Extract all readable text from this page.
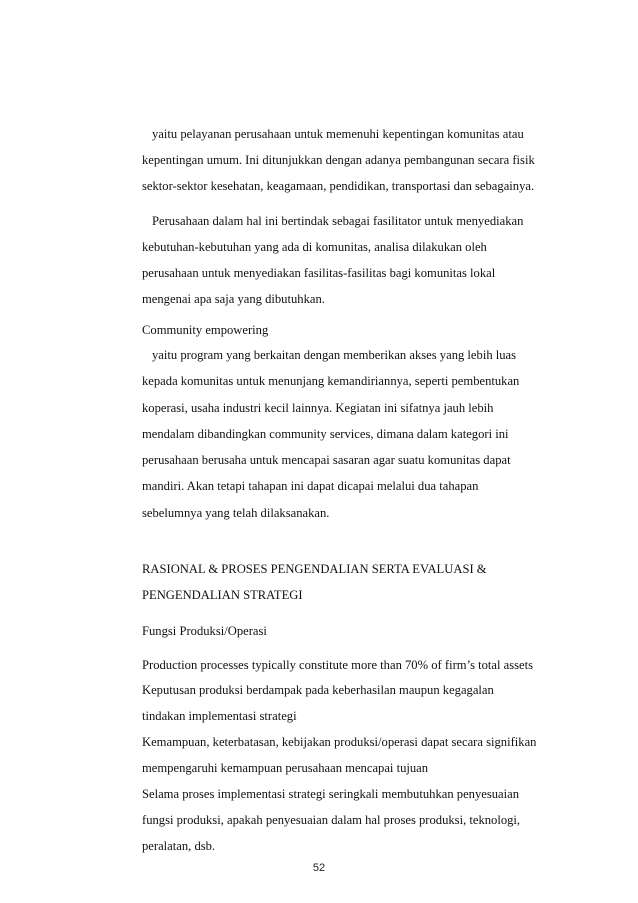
yaitu pelayanan perusahaan untuk memenuhi kepentingan komunitas atau
kepentingan umum. Ini ditunjukkan dengan adanya pembangunan secara fisik
sektor-sektor kesehatan, keagamaan, pendidikan, transportasi dan sebagainya.
Perusahaan dalam hal ini bertindak sebagai fasilitator untuk menyediakan
kebutuhan-kebutuhan yang ada di komunitas, analisa dilakukan oleh
perusahaan untuk menyediakan fasilitas-fasilitas bagi komunitas lokal
mengenai apa saja yang dibutuhkan.
Community empowering
yaitu program yang berkaitan dengan memberikan akses yang lebih luas
kepada komunitas untuk menunjang kemandiriannya, seperti pembentukan
koperasi, usaha industri kecil lainnya. Kegiatan ini sifatnya jauh lebih
mendalam dibandingkan community services, dimana dalam kategori ini
perusahaan berusaha untuk mencapai sasaran agar suatu komunitas dapat
mandiri. Akan tetapi tahapan ini dapat dicapai melalui dua tahapan
sebelumnya yang telah dilaksanakan.
RASIONAL & PROSES PENGENDALIAN SERTA EVALUASI &
PENGENDALIAN STRATEGI
Fungsi Produksi/Operasi
Production processes typically constitute more than 70% of firm’s total assets
Keputusan produksi berdampak pada keberhasilan maupun kegagalan
tindakan implementasi strategi
Kemampuan, keterbatasan, kebijakan produksi/operasi dapat secara signifikan
mempengaruhi kemampuan perusahaan mencapai tujuan
Selama proses implementasi strategi seringkali membutuhkan penyesuaian
fungsi produksi, apakah penyesuaian dalam hal proses produksi, teknologi,
peralatan, dsb.
52
